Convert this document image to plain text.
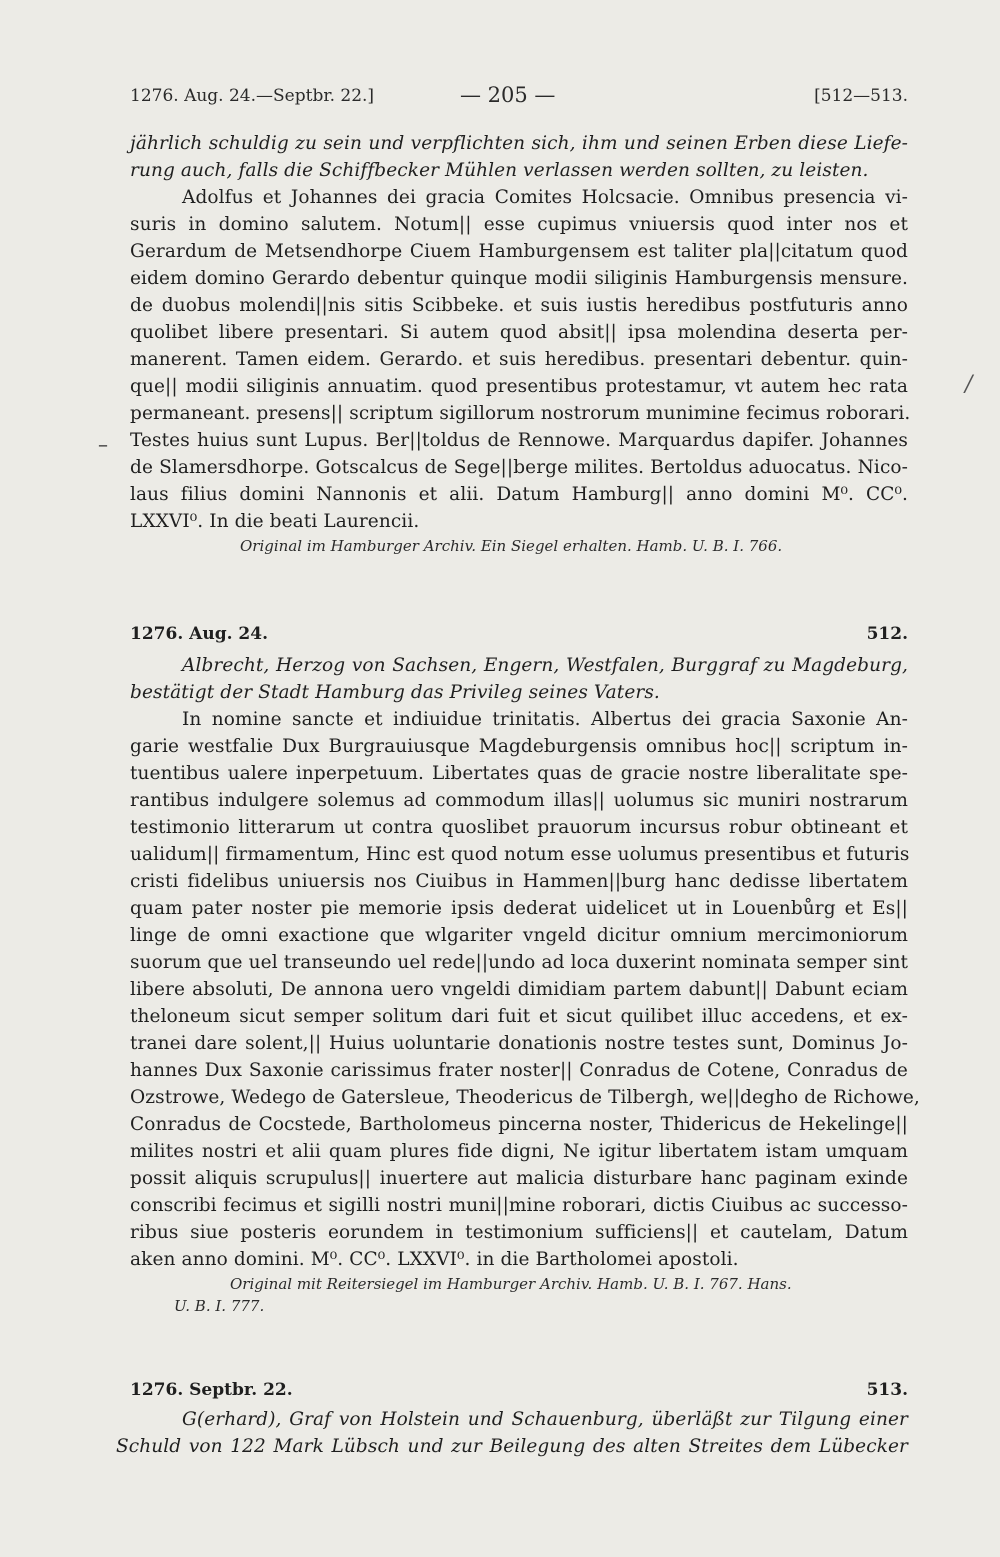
1276. Aug. 24.—Septbr. 22.]	— 205 —	[512—513.
jährlich schuldig zu sein und verpflichten sich, ihm und seinen Erben diese Liefe-
rung auch, falls die Schiffbecker Mühlen verlassen werden sollten, zu leisten.
Adolfus et Johannes dei gracia Comites Holcsacie. Omnibus presencia vi-
suris in domino salutem. Notum|| esse cupimus vniuersis quod inter nos et
Gerardum de Metsendhorpe Ciuem Hamburgensem est taliter pla||citatum quod
eidem domino Gerardo debentur quinque modii siliginis Hamburgensis mensure.
de duobus molendi||nis sitis Scibbeke. et suis iustis heredibus postfuturis anno
quolibet libere presentari. Si autem quod absit|| ipsa molendina deserta per-
manerent. Tamen eidem. Gerardo. et suis heredibus. presentari debentur. quin-
que|| modii siliginis annuatim. quod presentibus protestamur, vt autem hec rata
permaneant. presens|| scriptum sigillorum nostrorum munimine fecimus roborari.
Testes huius sunt Lupus. Ber||toldus de Rennowe. Marquardus dapifer. Johannes
de Slamersdhorpe. Gotscalcus de Sege||berge milites. Bertoldus aduocatus. Nico-
laus filius domini Nannonis et alii. Datum Hamburg|| anno domini M⁰. CC⁰.
LXXVI⁰. In die beati Laurencii.
Original im Hamburger Archiv. Ein Siegel erhalten. Hamb. U. B. I. 766.
–
/
1276. Aug. 24.	512.
Albrecht, Herzog von Sachsen, Engern, Westfalen, Burggraf zu Magdeburg,
bestätigt der Stadt Hamburg das Privileg seines Vaters.
In nomine sancte et indiuidue trinitatis. Albertus dei gracia Saxonie An-
garie westfalie Dux Burgrauiusque Magdeburgensis omnibus hoc|| scriptum in-
tuentibus ualere inperpetuum. Libertates quas de gracie nostre liberalitate spe-
rantibus indulgere solemus ad commodum illas|| uolumus sic muniri nostrarum
testimonio litterarum ut contra quoslibet prauorum incursus robur obtineant et
ualidum|| firmamentum, Hinc est quod notum esse uolumus presentibus et futuris
cristi fidelibus uniuersis nos Ciuibus in Hammen||burg hanc dedisse libertatem
quam pater noster pie memorie ipsis dederat uidelicet ut in Louenbůrg et Es||
linge de omni exactione que wlgariter vngeld dicitur omnium mercimoniorum
suorum que uel transeundo uel rede||undo ad loca duxerint nominata semper sint
libere absoluti, De annona uero vngeldi dimidiam partem dabunt|| Dabunt eciam
theloneum sicut semper solitum dari fuit et sicut quilibet illuc accedens, et ex-
tranei dare solent,|| Huius uoluntarie donationis nostre testes sunt, Dominus Jo-
hannes Dux Saxonie carissimus frater noster|| Conradus de Cotene, Conradus de
Ozstrowe, Wedego de Gatersleue, Theodericus de Tilbergh, we||degho de Richowe,
Conradus de Cocstede, Bartholomeus pincerna noster, Thidericus de Hekelinge||
milites nostri et alii quam plures fide digni, Ne igitur libertatem istam umquam
possit aliquis scrupulus|| inuertere aut malicia disturbare hanc paginam exinde
conscribi fecimus et sigilli nostri muni||mine roborari, dictis Ciuibus ac successo-
ribus siue posteris eorundem in testimonium sufficiens|| et cautelam, Datum
aken anno domini. M⁰. CC⁰. LXXVI⁰. in die Bartholomei apostoli.
Original mit Reitersiegel im Hamburger Archiv. Hamb. U. B. I. 767. Hans.
U. B. I. 777.
1276. Septbr. 22.	513.
G(erhard), Graf von Holstein und Schauenburg, überläßt zur Tilgung einer
Schuld von 122 Mark Lübsch und zur Beilegung des alten Streites dem Lübecker
